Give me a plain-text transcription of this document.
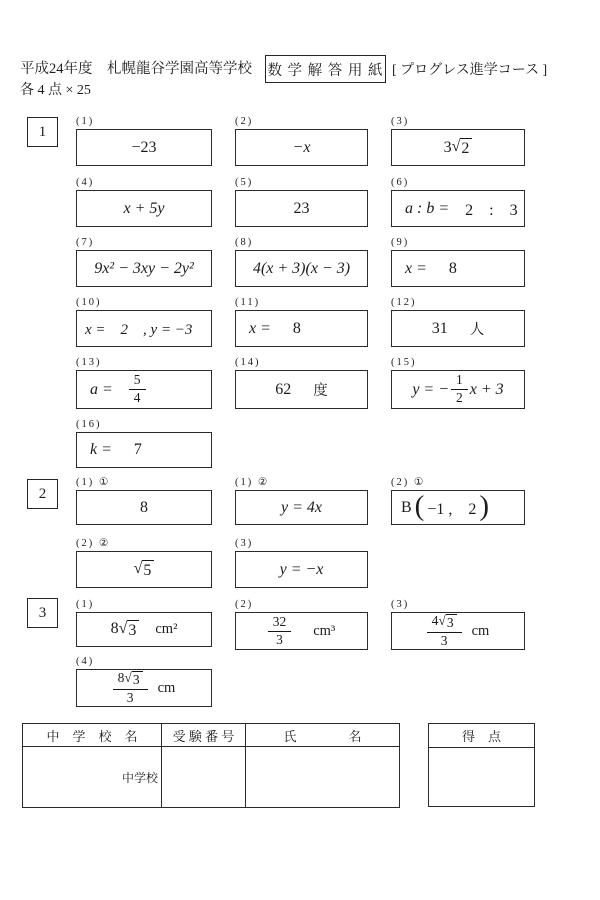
平成24年度　札幌龍谷学園高等学校 数 学 解 答 用 紙 [ プログレス進学コース ]
各 4 点 × 25
1
2
3
(1)
−23
(2)
−x
(3)
3 √ 2
(4)
x + 5y
(5)
23
(6)
a : b = 2　:　3
(7)
9x² − 3xy − 2y²
(8)
4(x + 3)(x − 3)
(9)
x = 8
(10)
x =　2　, y = −3
(11)
x = 8
(12)
31 人
(13)
$a = \frac{5}{4}$
(14)
62 度
(15)
y = − $\frac{1}{2}$ x + 3
(16)
k = 7
(1) ①
8
(1) ②
y = 4x
(2) ①
B ( −1 ,　2 )
(2) ②
√
5
(3)
y = −x
(1)
8 √ 3 cm²
(2)
$\frac{32}{3} cm^3$
(3)
$\frac{4 √ 3}{3}$ cm
(4)
$\frac{8 √ 3}{3}$ cm
中　学　校　名	受 験 番 号	氏　　　　名
中学校
得　点
